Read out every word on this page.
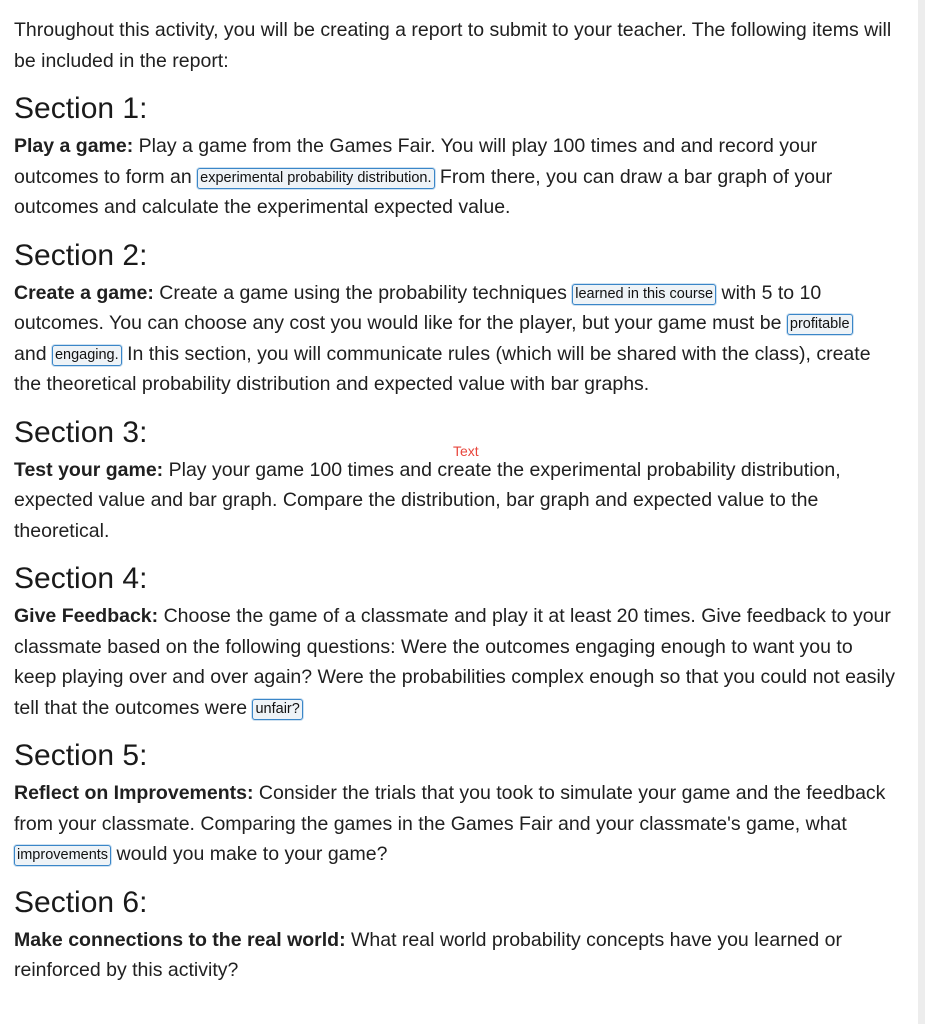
Throughout this activity, you will be creating a report to submit to your teacher. The following items will be included in the report:

Section 1:

Play a game: Play a game from the Games Fair. You will play 100 times and and record your outcomes to form an experimental probability distribution. From there, you can draw a bar graph of your outcomes and calculate the experimental expected value.

Section 2:

Create a game: Create a game using the probability techniques learned in this course with 5 to 10 outcomes. You can choose any cost you would like for the player, but your game must be profitable
and engaging. In this section, you will communicate rules (which will be shared with the class), create the theoretical probability distribution and expected value with bar graphs.

Section 3:

Test your game: Play your game 100 times and create the experimental probability distribution, expected value and bar graph. Compare the distribution, bar graph and expected value to the theoretical.

Section 4:

Give Feedback: Choose the game of a classmate and play it at least 20 times. Give feedback to your classmate based on the following questions: Were the outcomes engaging enough to want you to keep playing over and over again? Were the probabilities complex enough so that you could not easily tell that the outcomes were unfair?

Section 5:

Reflect on Improvements: Consider the trials that you took to simulate your game and the feedback from your classmate. Comparing the games in the Games Fair and your classmate's game, what improvements would you make to your game?

Section 6:

Make connections to the real world: What real world probability concepts have you learned or reinforced by this activity?

Text
